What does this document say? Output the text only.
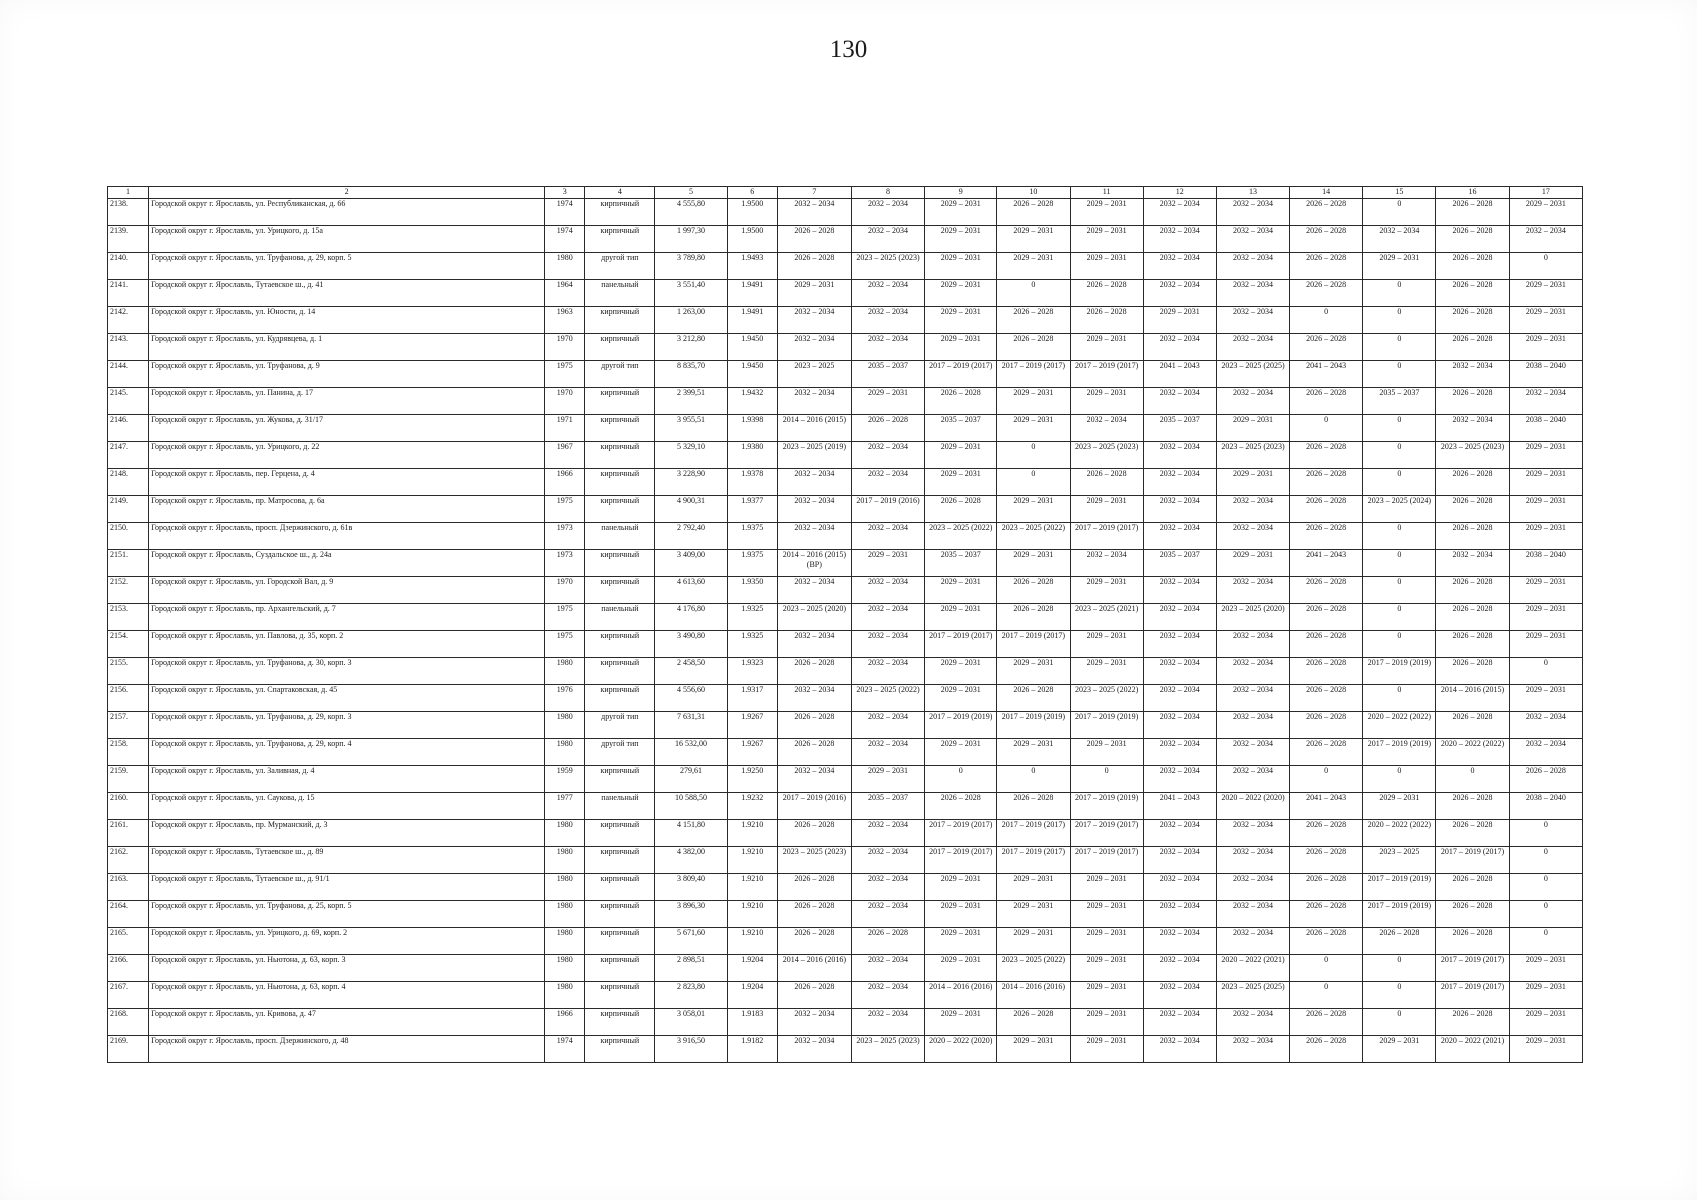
130
1	2	3	4	5	6	7	8	9	10	11	12	13	14	15	16	17
2138.	Городской округ г. Ярославль, ул. Республиканская, д. 66	1974	кирпичный	4 555,80	1.9500	2032 – 2034	2032 – 2034	2029 – 2031	2026 – 2028	2029 – 2031	2032 – 2034	2032 – 2034	2026 – 2028	0	2026 – 2028	2029 – 2031
2139.	Городской округ г. Ярославль, ул. Урицкого, д. 15а	1974	кирпичный	1 997,30	1.9500	2026 – 2028	2032 – 2034	2029 – 2031	2029 – 2031	2029 – 2031	2032 – 2034	2032 – 2034	2026 – 2028	2032 – 2034	2026 – 2028	2032 – 2034
2140.	Городской округ г. Ярославль, ул. Труфанова, д. 29, корп. 5	1980	другой тип	3 789,80	1.9493	2026 – 2028	2023 – 2025 (2023)	2029 – 2031	2029 – 2031	2029 – 2031	2032 – 2034	2032 – 2034	2026 – 2028	2029 – 2031	2026 – 2028	0
2141.	Городской округ г. Ярославль, Тутаевское ш., д. 41	1964	панельный	3 551,40	1.9491	2029 – 2031	2032 – 2034	2029 – 2031	0	2026 – 2028	2032 – 2034	2032 – 2034	2026 – 2028	0	2026 – 2028	2029 – 2031
2142.	Городской округ г. Ярославль, ул. Юности, д. 14	1963	кирпичный	1 263,00	1.9491	2032 – 2034	2032 – 2034	2029 – 2031	2026 – 2028	2026 – 2028	2029 – 2031	2032 – 2034	0	0	2026 – 2028	2029 – 2031
2143.	Городской округ г. Ярославль, ул. Кудрявцева, д. 1	1970	кирпичный	3 212,80	1.9450	2032 – 2034	2032 – 2034	2029 – 2031	2026 – 2028	2029 – 2031	2032 – 2034	2032 – 2034	2026 – 2028	0	2026 – 2028	2029 – 2031
2144.	Городской округ г. Ярославль, ул. Труфанова, д. 9	1975	другой тип	8 835,70	1.9450	2023 – 2025	2035 – 2037	2017 – 2019 (2017)	2017 – 2019 (2017)	2017 – 2019 (2017)	2041 – 2043	2023 – 2025 (2025)	2041 – 2043	0	2032 – 2034	2038 – 2040
2145.	Городской округ г. Ярославль, ул. Панина, д. 17	1970	кирпичный	2 399,51	1.9432	2032 – 2034	2029 – 2031	2026 – 2028	2029 – 2031	2029 – 2031	2032 – 2034	2032 – 2034	2026 – 2028	2035 – 2037	2026 – 2028	2032 – 2034
2146.	Городской округ г. Ярославль, ул. Жукова, д. 31/17	1971	кирпичный	3 955,51	1.9398	2014 – 2016 (2015)	2026 – 2028	2035 – 2037	2029 – 2031	2032 – 2034	2035 – 2037	2029 – 2031	0	0	2032 – 2034	2038 – 2040
2147.	Городской округ г. Ярославль, ул. Урицкого, д. 22	1967	кирпичный	5 329,10	1.9380	2023 – 2025 (2019)	2032 – 2034	2029 – 2031	0	2023 – 2025 (2023)	2032 – 2034	2023 – 2025 (2023)	2026 – 2028	0	2023 – 2025 (2023)	2029 – 2031
2148.	Городской округ г. Ярославль, пер. Герцена, д. 4	1966	кирпичный	3 228,90	1.9378	2032 – 2034	2032 – 2034	2029 – 2031	0	2026 – 2028	2032 – 2034	2029 – 2031	2026 – 2028	0	2026 – 2028	2029 – 2031
2149.	Городской округ г. Ярославль, пр. Матросова, д. 6а	1975	кирпичный	4 900,31	1.9377	2032 – 2034	2017 – 2019 (2016)	2026 – 2028	2029 – 2031	2029 – 2031	2032 – 2034	2032 – 2034	2026 – 2028	2023 – 2025 (2024)	2026 – 2028	2029 – 2031
2150.	Городской округ г. Ярославль, просп. Дзержинского, д. 61в	1973	панельный	2 792,40	1.9375	2032 – 2034	2032 – 2034	2023 – 2025 (2022)	2023 – 2025 (2022)	2017 – 2019 (2017)	2032 – 2034	2032 – 2034	2026 – 2028	0	2026 – 2028	2029 – 2031
2151.	Городской округ г. Ярославль, Суздальское ш., д. 24а	1973	кирпичный	3 409,00	1.9375	2014 – 2016 (2015) (ВР)	2029 – 2031	2035 – 2037	2029 – 2031	2032 – 2034	2035 – 2037	2029 – 2031	2041 – 2043	0	2032 – 2034	2038 – 2040
2152.	Городской округ г. Ярославль, ул. Городской Вал, д. 9	1970	кирпичный	4 613,60	1.9350	2032 – 2034	2032 – 2034	2029 – 2031	2026 – 2028	2029 – 2031	2032 – 2034	2032 – 2034	2026 – 2028	0	2026 – 2028	2029 – 2031
2153.	Городской округ г. Ярославль, пр. Архангельский, д. 7	1975	панельный	4 176,80	1.9325	2023 – 2025 (2020)	2032 – 2034	2029 – 2031	2026 – 2028	2023 – 2025 (2021)	2032 – 2034	2023 – 2025 (2020)	2026 – 2028	0	2026 – 2028	2029 – 2031
2154.	Городской округ г. Ярославль, ул. Павлова, д. 35, корп. 2	1975	кирпичный	3 490,80	1.9325	2032 – 2034	2032 – 2034	2017 – 2019 (2017)	2017 – 2019 (2017)	2029 – 2031	2032 – 2034	2032 – 2034	2026 – 2028	0	2026 – 2028	2029 – 2031
2155.	Городской округ г. Ярославль, ул. Труфанова, д. 30, корп. 3	1980	кирпичный	2 458,50	1.9323	2026 – 2028	2032 – 2034	2029 – 2031	2029 – 2031	2029 – 2031	2032 – 2034	2032 – 2034	2026 – 2028	2017 – 2019 (2019)	2026 – 2028	0
2156.	Городской округ г. Ярославль, ул. Спартаковская, д. 45	1976	кирпичный	4 556,60	1.9317	2032 – 2034	2023 – 2025 (2022)	2029 – 2031	2026 – 2028	2023 – 2025 (2022)	2032 – 2034	2032 – 2034	2026 – 2028	0	2014 – 2016 (2015)	2029 – 2031
2157.	Городской округ г. Ярославль, ул. Труфанова, д. 29, корп. 3	1980	другой тип	7 631,31	1.9267	2026 – 2028	2032 – 2034	2017 – 2019 (2019)	2017 – 2019 (2019)	2017 – 2019 (2019)	2032 – 2034	2032 – 2034	2026 – 2028	2020 – 2022 (2022)	2026 – 2028	2032 – 2034
2158.	Городской округ г. Ярославль, ул. Труфанова, д. 29, корп. 4	1980	другой тип	16 532,00	1.9267	2026 – 2028	2032 – 2034	2029 – 2031	2029 – 2031	2029 – 2031	2032 – 2034	2032 – 2034	2026 – 2028	2017 – 2019 (2019)	2020 – 2022 (2022)	2032 – 2034
2159.	Городской округ г. Ярославль, ул. Заливная, д. 4	1959	кирпичный	279,61	1.9250	2032 – 2034	2029 – 2031	0	0	0	2032 – 2034	2032 – 2034	0	0	0	2026 – 2028
2160.	Городской округ г. Ярославль, ул. Саукова, д. 15	1977	панельный	10 588,50	1.9232	2017 – 2019 (2016)	2035 – 2037	2026 – 2028	2026 – 2028	2017 – 2019 (2019)	2041 – 2043	2020 – 2022 (2020)	2041 – 2043	2029 – 2031	2026 – 2028	2038 – 2040
2161.	Городской округ г. Ярославль, пр. Мурманский, д. 3	1980	кирпичный	4 151,80	1.9210	2026 – 2028	2032 – 2034	2017 – 2019 (2017)	2017 – 2019 (2017)	2017 – 2019 (2017)	2032 – 2034	2032 – 2034	2026 – 2028	2020 – 2022 (2022)	2026 – 2028	0
2162.	Городской округ г. Ярославль, Тутаевское ш., д. 89	1980	кирпичный	4 382,00	1.9210	2023 – 2025 (2023)	2032 – 2034	2017 – 2019 (2017)	2017 – 2019 (2017)	2017 – 2019 (2017)	2032 – 2034	2032 – 2034	2026 – 2028	2023 – 2025	2017 – 2019 (2017)	0
2163.	Городской округ г. Ярославль, Тутаевское ш., д. 91/1	1980	кирпичный	3 809,40	1.9210	2026 – 2028	2032 – 2034	2029 – 2031	2029 – 2031	2029 – 2031	2032 – 2034	2032 – 2034	2026 – 2028	2017 – 2019 (2019)	2026 – 2028	0
2164.	Городской округ г. Ярославль, ул. Труфанова, д. 25, корп. 5	1980	кирпичный	3 896,30	1.9210	2026 – 2028	2032 – 2034	2029 – 2031	2029 – 2031	2029 – 2031	2032 – 2034	2032 – 2034	2026 – 2028	2017 – 2019 (2019)	2026 – 2028	0
2165.	Городской округ г. Ярославль, ул. Урицкого, д. 69, корп. 2	1980	кирпичный	5 671,60	1.9210	2026 – 2028	2026 – 2028	2029 – 2031	2029 – 2031	2029 – 2031	2032 – 2034	2032 – 2034	2026 – 2028	2026 – 2028	2026 – 2028	0
2166.	Городской округ г. Ярославль, ул. Ньютона, д. 63, корп. 3	1980	кирпичный	2 898,51	1.9204	2014 – 2016 (2016)	2032 – 2034	2029 – 2031	2023 – 2025 (2022)	2029 – 2031	2032 – 2034	2020 – 2022 (2021)	0	0	2017 – 2019 (2017)	2029 – 2031
2167.	Городской округ г. Ярославль, ул. Ньютона, д. 63, корп. 4	1980	кирпичный	2 823,80	1.9204	2026 – 2028	2032 – 2034	2014 – 2016 (2016)	2014 – 2016 (2016)	2029 – 2031	2032 – 2034	2023 – 2025 (2025)	0	0	2017 – 2019 (2017)	2029 – 2031
2168.	Городской округ г. Ярославль, ул. Кривова, д. 47	1966	кирпичный	3 058,01	1.9183	2032 – 2034	2032 – 2034	2029 – 2031	2026 – 2028	2029 – 2031	2032 – 2034	2032 – 2034	2026 – 2028	0	2026 – 2028	2029 – 2031
2169.	Городской округ г. Ярославль, просп. Дзержинского, д. 48	1974	кирпичный	3 916,50	1.9182	2032 – 2034	2023 – 2025 (2023)	2020 – 2022 (2020)	2029 – 2031	2029 – 2031	2032 – 2034	2032 – 2034	2026 – 2028	2029 – 2031	2020 – 2022 (2021)	2029 – 2031
